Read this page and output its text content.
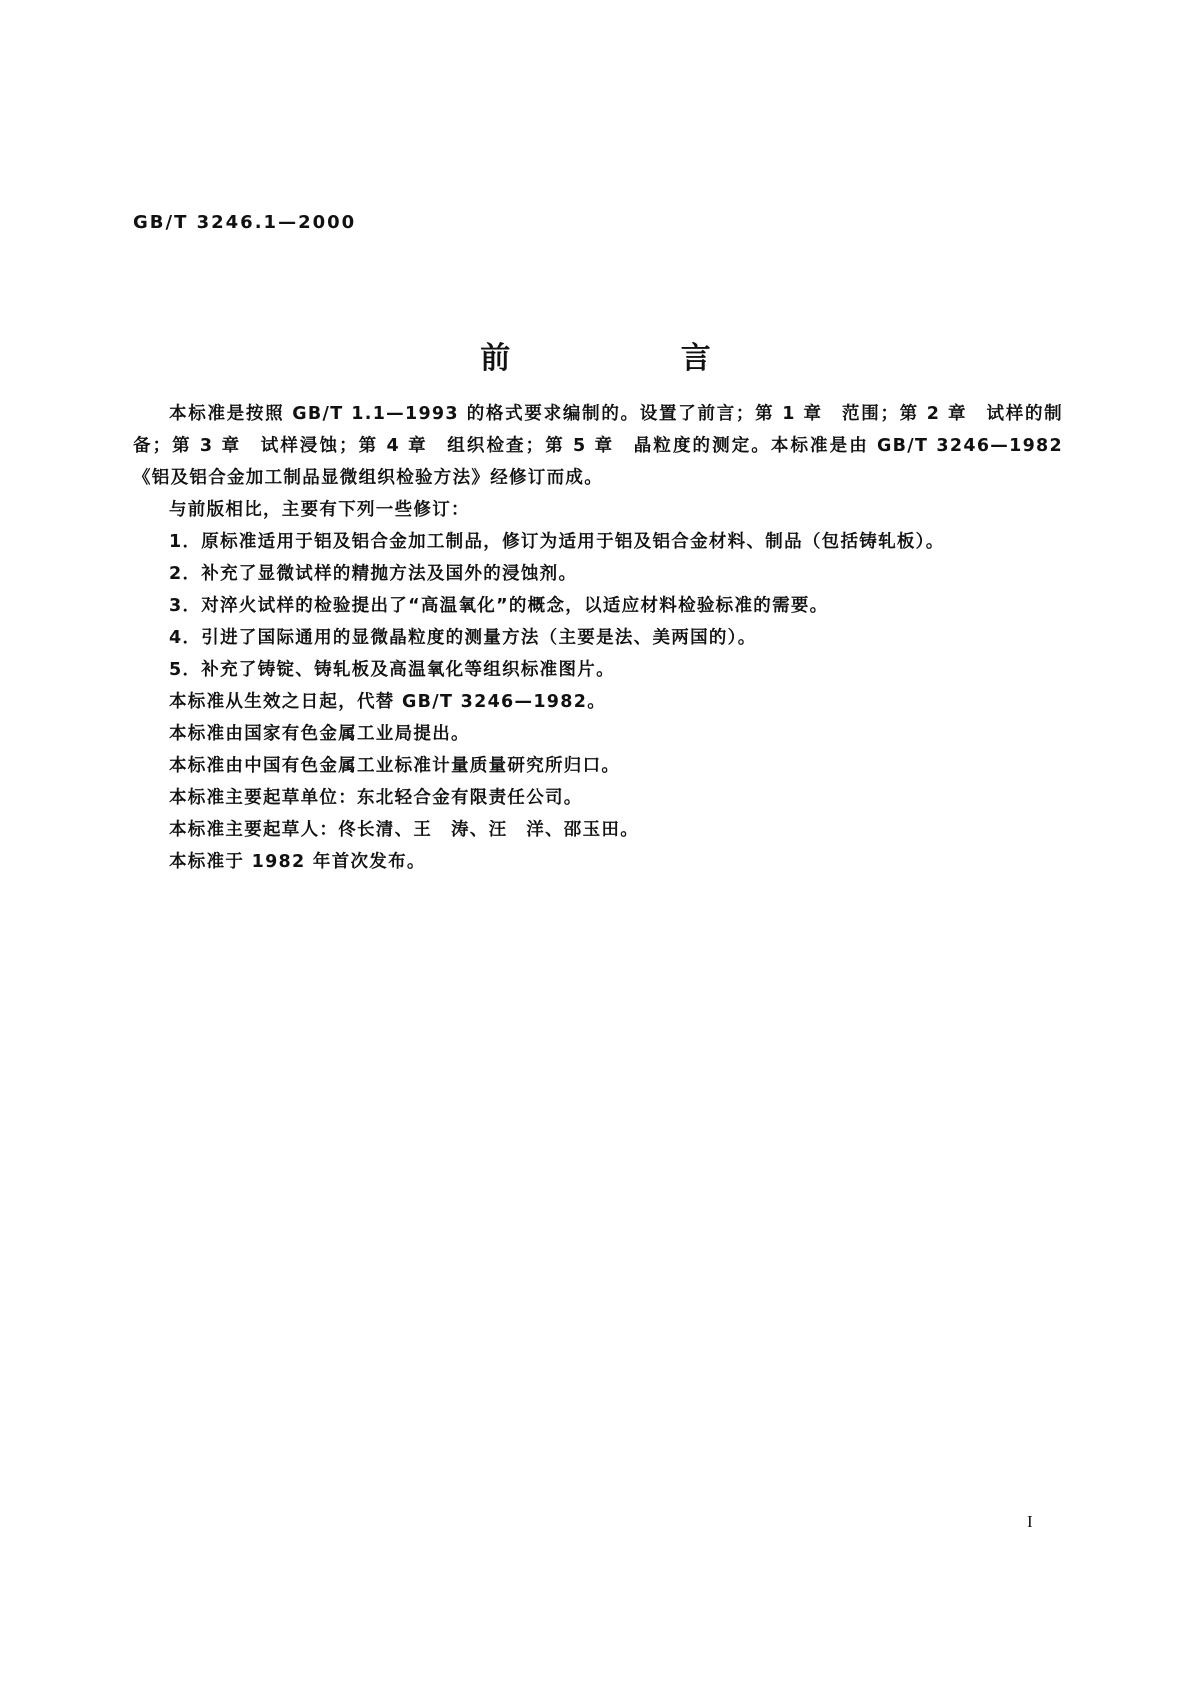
GB/T 3246.1—2000
前 言

本标准是按照 GB/T 1.1—1993 的格式要求编制的。设置了前言；第 1 章　范围；第 2 章　试样的制备；第 3 章　试样浸蚀；第 4 章　组织检查；第 5 章　晶粒度的测定。本标准是由 GB/T 3246—1982《铝及铝合金加工制品显微组织检验方法》经修订而成。

与前版相比，主要有下列一些修订：

1．原标准适用于铝及铝合金加工制品，修订为适用于铝及铝合金材料、制品（包括铸轧板）。

2．补充了显微试样的精抛方法及国外的浸蚀剂。

3．对淬火试样的检验提出了“高温氧化”的概念，以适应材料检验标准的需要。

4．引进了国际通用的显微晶粒度的测量方法（主要是法、美两国的）。

5．补充了铸锭、铸轧板及高温氧化等组织标准图片。

本标准从生效之日起，代替 GB/T 3246—1982。

本标准由国家有色金属工业局提出。

本标准由中国有色金属工业标准计量质量研究所归口。

本标准主要起草单位：东北轻合金有限责任公司。

本标准主要起草人：佟长清、王　涛、汪　洋、邵玉田。

本标准于 1982 年首次发布。

I
